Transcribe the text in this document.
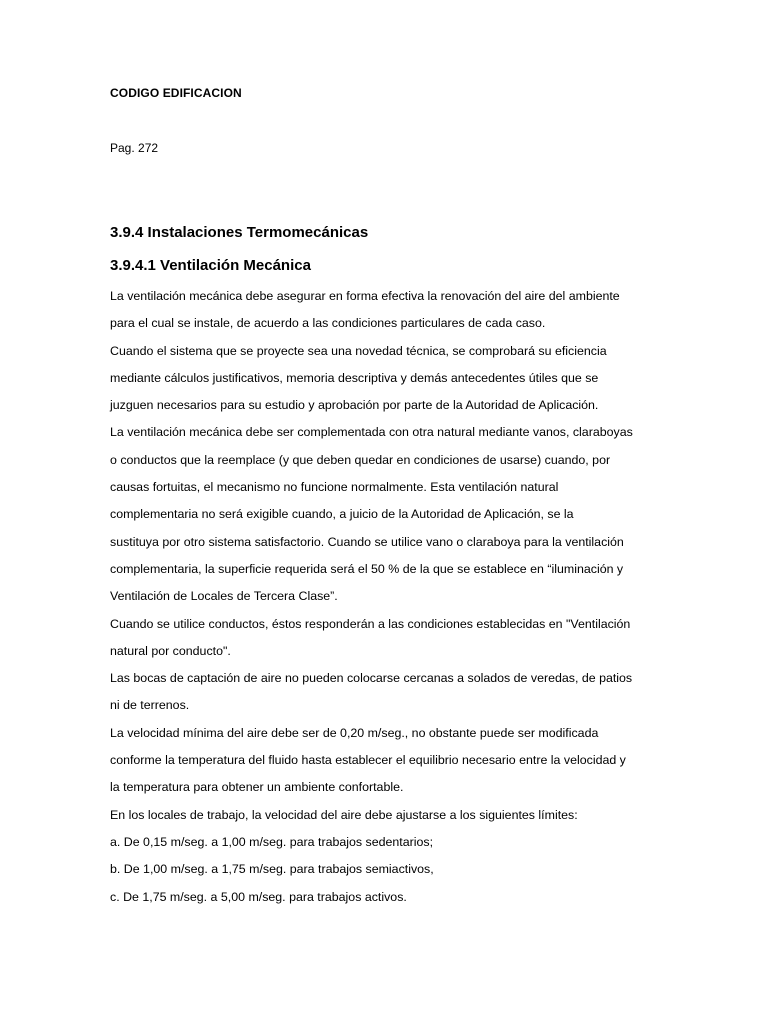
CODIGO EDIFICACION
Pag. 272
3.9.4 Instalaciones Termomecánicas
3.9.4.1 Ventilación Mecánica
La ventilación mecánica debe asegurar en forma efectiva la renovación del aire del ambiente
para el cual se instale, de acuerdo a las condiciones particulares de cada caso.
Cuando el sistema que se proyecte sea una novedad técnica, se comprobará su eficiencia
mediante cálculos justificativos, memoria descriptiva y demás antecedentes útiles que se
juzguen necesarios para su estudio y aprobación por parte de la Autoridad de Aplicación.
La ventilación mecánica debe ser complementada con otra natural mediante vanos, claraboyas
o conductos que la reemplace (y que deben quedar en condiciones de usarse) cuando, por
causas fortuitas, el mecanismo no funcione normalmente. Esta ventilación natural
complementaria no será exigible cuando, a juicio de la Autoridad de Aplicación, se la
sustituya por otro sistema satisfactorio. Cuando se utilice vano o claraboya para la ventilación
complementaria, la superficie requerida será el 50 % de la que se establece en “iluminación y
Ventilación de Locales de Tercera Clase”.
Cuando se utilice conductos, éstos responderán a las condiciones establecidas en "Ventilación
natural por conducto".
Las bocas de captación de aire no pueden colocarse cercanas a solados de veredas, de patios
ni de terrenos.
La velocidad mínima del aire debe ser de 0,20 m/seg., no obstante puede ser modificada
conforme la temperatura del fluido hasta establecer el equilibrio necesario entre la velocidad y
la temperatura para obtener un ambiente confortable.
En los locales de trabajo, la velocidad del aire debe ajustarse a los siguientes límites:
a. De 0,15 m/seg. a 1,00 m/seg. para trabajos sedentarios;
b. De 1,00 m/seg. a 1,75 m/seg. para trabajos semiactivos,
c. De 1,75 m/seg. a 5,00 m/seg. para trabajos activos.
